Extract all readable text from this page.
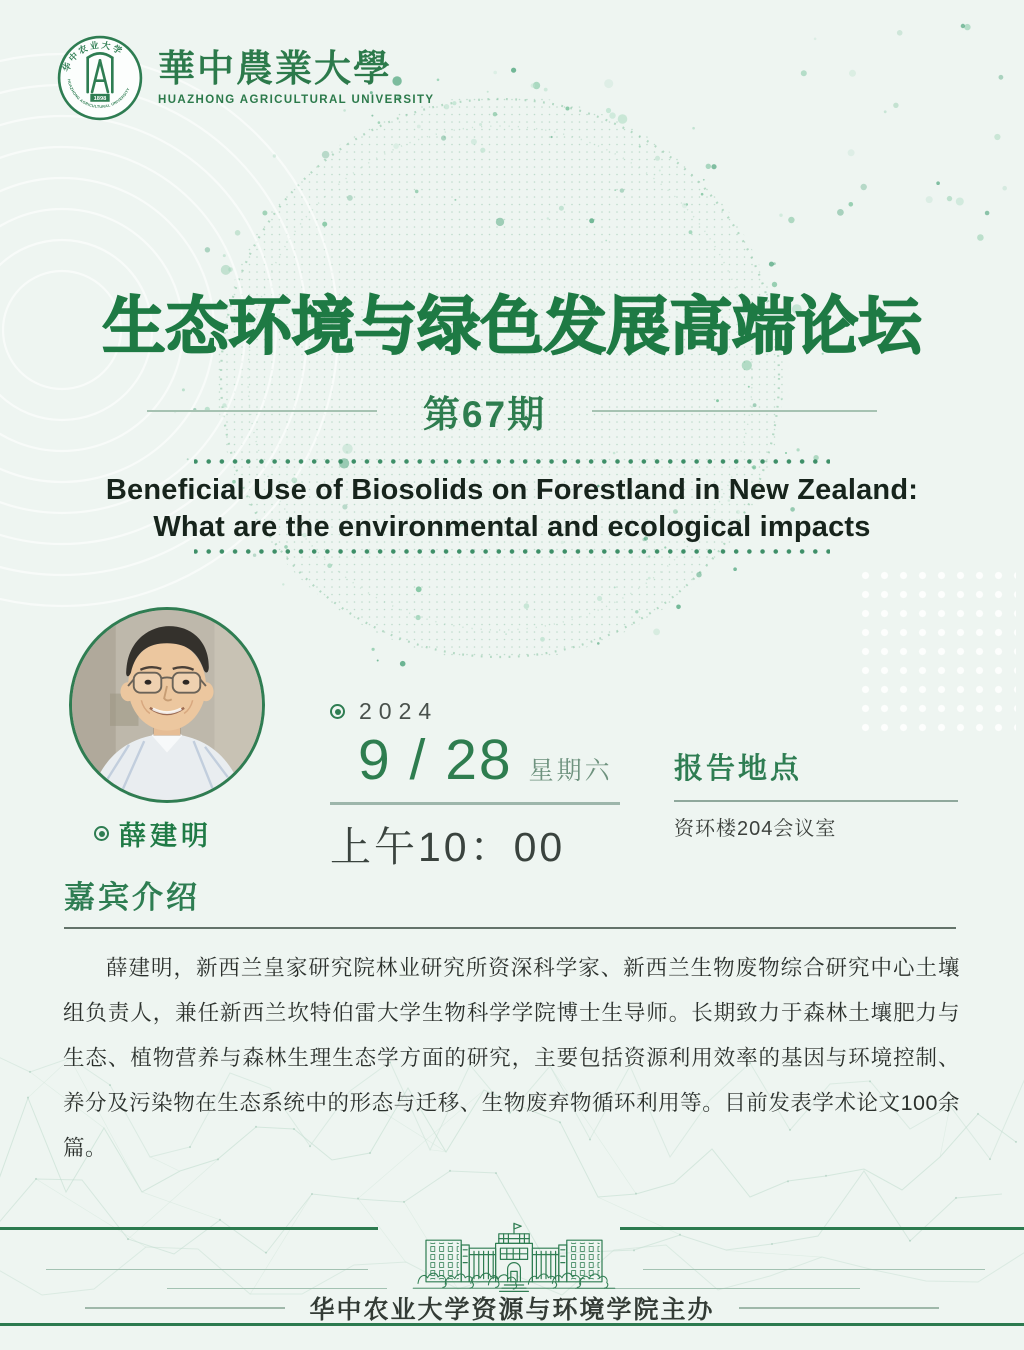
华中农业大学
HUAZHONG AGRICULTURAL UNIVERSITY
1898
華中農業大學
HUAZHONG AGRICULTURAL UNIVERSITY
生态环境与绿色发展高端论坛
第67期
Beneficial Use of Biosolids on Forestland in New Zealand:
What are the environmental and ecological impacts
薛建明
2024
9 / 28 星期六
上午10：00
报告地点
资环楼204会议室
嘉宾介绍

薛建明，新西兰皇家研究院林业研究所资深科学家、新西兰生物废物综合研究中心土壤组负责人，兼任新西兰坎特伯雷大学生物科学学院博士生导师。长期致力于森林土壤肥力与生态、植物营养与森林生理生态学方面的研究，主要包括资源利用效率的基因与环境控制、养分及污染物在生态系统中的形态与迁移、生物废弃物循环利用等。目前发表学术论文100余篇。

华中农业大学资源与环境学院主办
